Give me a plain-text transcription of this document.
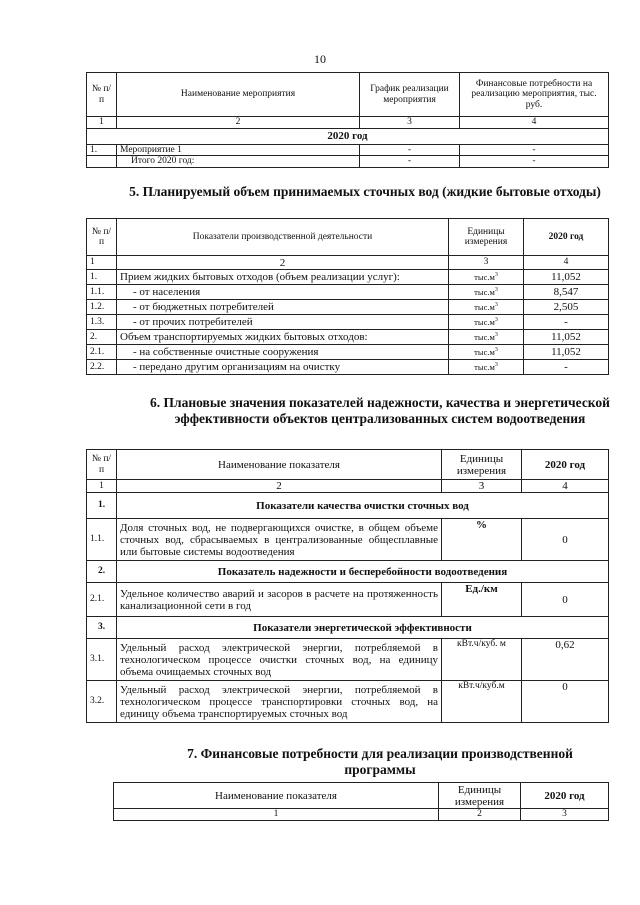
10
№ п/п	Наименование мероприятия	График реализации мероприятия	Финансовые потребности на реализацию мероприятия, тыс. руб.
1	2	3	4
2020 год			
1.	Мероприятие 1	-	-
	Итого 2020 год:	-	-
5. Планируемый объем принимаемых сточных вод (жидкие бытовые отходы)
№ п/п	Показатели производственной деятельности	Единицы измерения	2020 год
1	2	3	4
1.	Прием жидких бытовых отходов (объем реализации услуг):	$тыс.м^3$	11,052
1.1.	- от населения	$тыс.м^3$	8,547
1.2.	- от бюджетных потребителей	$тыс.м^3$	2,505
1.3.	- от прочих потребителей	$тыс.м^3$	-
2.	Объем транспортируемых жидких бытовых отходов:	$тыс.м^3$	11,052
2.1.	- на собственные очистные сооружения	$тыс.м^3$	11,052
2.2.	- передано другим организациям на очистку	$тыс.м^3$	-
6. Плановые значения показателей надежности, качества и энергетической эффективности объектов централизованных систем водоотведения
№ п/п	Наименование показателя	Единицы измерения	2020 год
1	2	3	4
1.	Показатели качества очистки сточных вод		
1.1.	Доля сточных вод, не подвергающихся очистке, в общем объеме сточных вод, сбрасываемых в централизованные общесплавные или бытовые системы водоотведения	%	0
2.	Показатель надежности и бесперебойности водоотведения		
2.1.	Удельное количество аварий и засоров в расчете на протяженность канализационной сети в год	Ед./км	0
3.	Показатели энергетической эффективности		
3.1.	Удельный расход электрической энергии, потребляемой в технологическом процессе очистки сточных вод, на единицу объема очищаемых сточных вод	кВт.ч/куб. м	0,62
3.2.	Удельный расход электрической энергии, потребляемой в технологическом процессе транспортировки сточных вод, на единицу объема транспортируемых сточных вод	кВт.ч/куб.м	0
7. Финансовые потребности для реализации производственной программы
Наименование показателя	Единицы измерения	2020 год
1	2	3
